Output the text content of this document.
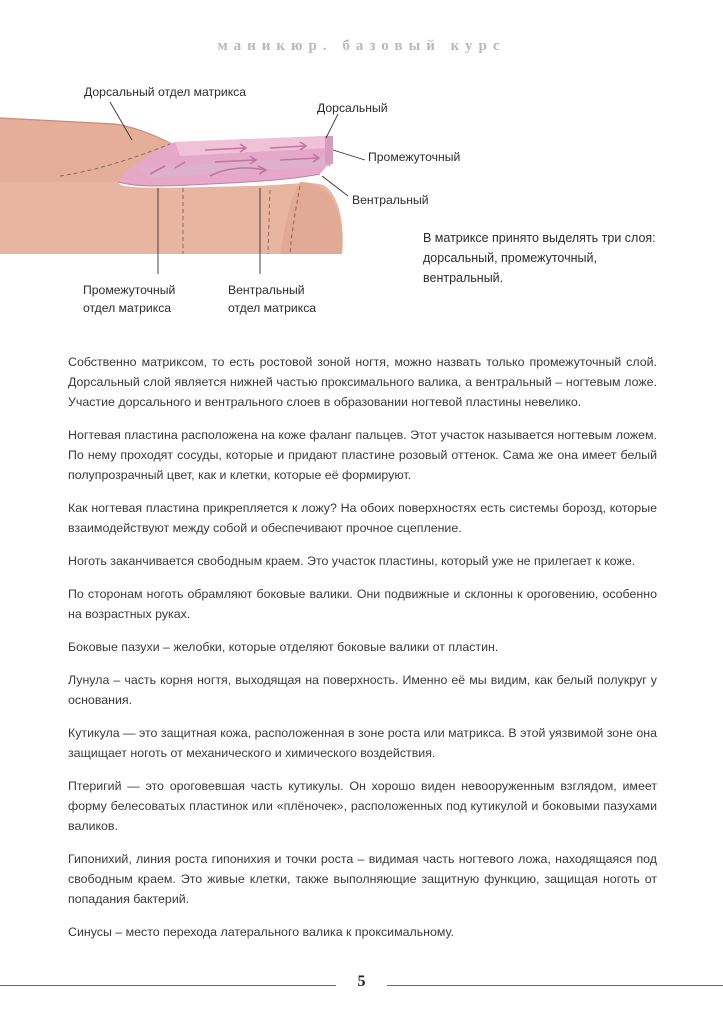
маникюр. базовый курс
Дорсальный отдел матрикса
Дорсальный
Промежуточный
Вентральный
Промежуточный
отдел матрикса
Вентральный
отдел матрикса
В матриксе принято выделять три слоя: дорсальный, промежуточный, вентральный.

Собственно матриксом, то есть ростовой зоной ногтя, можно назвать только промежуточный слой. Дорсальный слой является нижней частью проксимального валика, а вентральный – ногтевым ложе. Участие дорсального и вентрального слоев в образовании ногтевой пластины невелико.

Ногтевая пластина расположена на коже фаланг пальцев. Этот участок называется ногтевым ложем. По нему проходят сосуды, которые и придают пластине розовый оттенок. Сама же она имеет белый полупрозрачный цвет, как и клетки, которые её формируют.

Как ногтевая пластина прикрепляется к ложу? На обоих поверхностях есть системы борозд, которые взаимодействуют между собой и обеспечивают прочное сцепление.

Ноготь заканчивается свободным краем. Это участок пластины, который уже не прилегает к коже.

По сторонам ноготь обрамляют боковые валики. Они подвижные и склонны к ороговению, особенно на возрастных руках.

Боковые пазухи – желобки, которые отделяют боковые валики от пластин.

Лунула – часть корня ногтя, выходящая на поверхность. Именно её мы видим, как белый полукруг у основания.

Кутикула — это защитная кожа, расположенная в зоне роста или матрикса. В этой уязвимой зоне она защищает ноготь от механического и химического воздействия.

Птеригий — это ороговевшая часть кутикулы. Он хорошо виден невооруженным взглядом, имеет форму белесоватых пластинок или «плёночек», расположенных под кутикулой и боковыми пазухами валиков.

Гипонихий, линия роста гипонихия и точки роста – видимая часть ногтевого ложа, находящаяся под свободным краем. Это живые клетки, также выполняющие защитную функцию, защищая ноготь от попадания бактерий.

Синусы – место перехода латерального валика к проксимальному.

5
